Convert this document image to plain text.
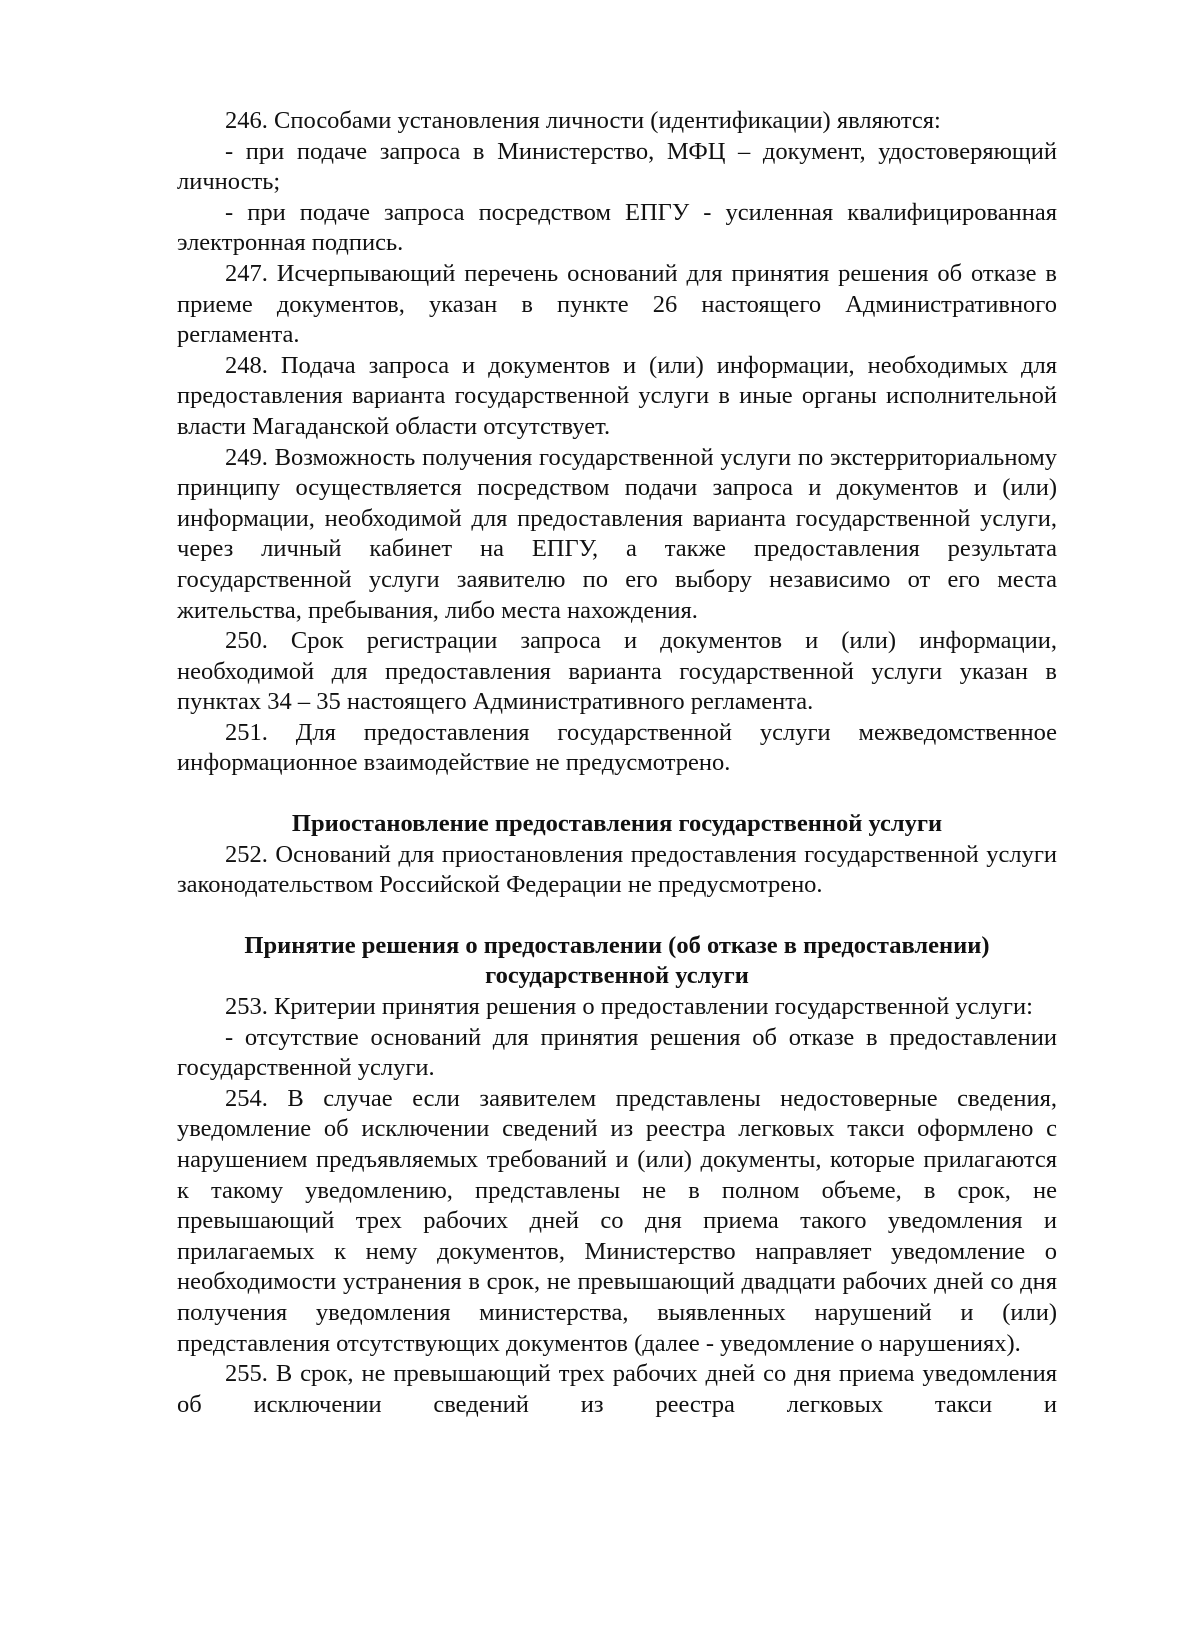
246. Способами установления личности (идентификации) являются:

- при подаче запроса в Министерство, МФЦ – документ, удостоверяющий личность;

- при подаче запроса посредством ЕПГУ - усиленная квалифицированная электронная подпись.

247. Исчерпывающий перечень оснований для принятия решения об отказе в приеме документов, указан в пункте 26 настоящего Административного регламента.

248. Подача запроса и документов и (или) информации, необходимых для предоставления варианта государственной услуги в иные органы исполнительной власти Магаданской области отсутствует.

249. Возможность получения государственной услуги по экстерриториальному принципу осуществляется посредством подачи запроса и документов и (или) информации, необходимой для предоставления варианта государственной услуги, через личный кабинет на ЕПГУ, а также предоставления результата государственной услуги заявителю по его выбору независимо от его места жительства, пребывания, либо места нахождения.

250. Срок регистрации запроса и документов и (или) информации, необходимой для предоставления варианта государственной услуги указан в пунктах 34 – 35 настоящего Административного регламента.

251. Для предоставления государственной услуги межведомственное информационное взаимодействие не предусмотрено.

Приостановление предоставления государственной услуги

252. Оснований для приостановления предоставления государственной услуги законодательством Российской Федерации не предусмотрено.

Принятие решения о предоставлении (об отказе в предоставлении)

государственной услуги

253. Критерии принятия решения о предоставлении государственной услуги:

- отсутствие оснований для принятия решения об отказе в предоставлении государственной услуги.

254. В случае если заявителем представлены недостоверные сведения, уведомление об исключении сведений из реестра легковых такси оформлено с нарушением предъявляемых требований и (или) документы, которые прилагаются к такому уведомлению, представлены не в полном объеме, в срок, не превышающий трех рабочих дней со дня приема такого уведомления и прилагаемых к нему документов, Министерство направляет уведомление о необходимости устранения в срок, не превышающий двадцати рабочих дней со дня получения уведомления министерства, выявленных нарушений и (или) представления отсутствующих документов (далее - уведомление о нарушениях).

255. В срок, не превышающий трех рабочих дней со дня приема уведомления об исключении сведений из реестра легковых такси и
